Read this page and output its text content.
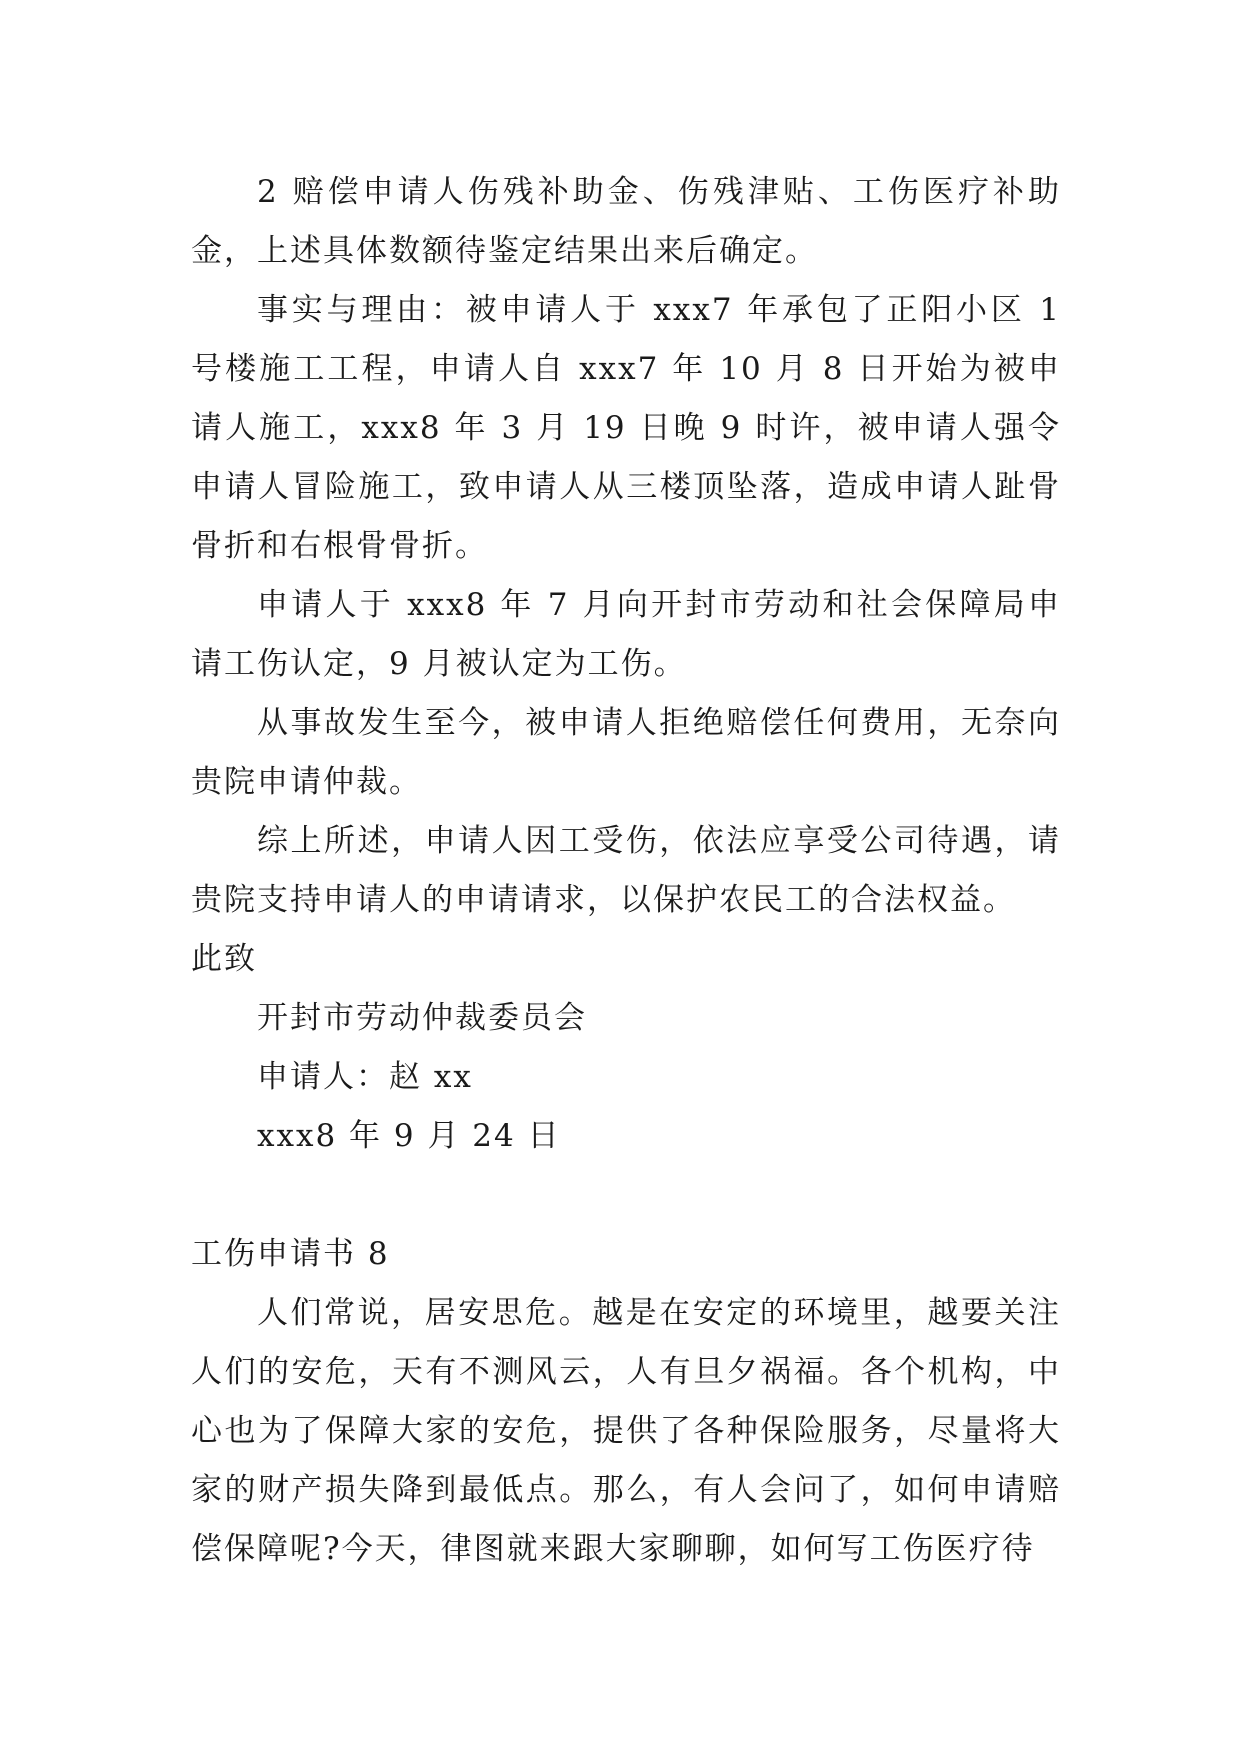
2 赔偿申请人伤残补助金、伤残津贴、工伤医疗补助金，上述具体数额待鉴定结果出来后确定。

事实与理由：被申请人于 xxx7 年承包了正阳小区 1 号楼施工工程，申请人自 xxx7 年 10 月 8 日开始为被申请人施工，xxx8 年 3 月 19 日晚 9 时许，被申请人强令申请人冒险施工，致申请人从三楼顶坠落，造成申请人趾骨骨折和右根骨骨折。

申请人于 xxx8 年 7 月向开封市劳动和社会保障局申请工伤认定，9 月被认定为工伤。

从事故发生至今，被申请人拒绝赔偿任何费用，无奈向贵院申请仲裁。

综上所述，申请人因工受伤，依法应享受公司待遇，请贵院支持申请人的申请请求，以保护农民工的合法权益。

此致

开封市劳动仲裁委员会

申请人：赵 xx

xxx8 年 9 月 24 日

工伤申请书 8

人们常说，居安思危。越是在安定的环境里，越要关注人们的安危，天有不测风云，人有旦夕祸福。各个机构，中心也为了保障大家的安危，提供了各种保险服务，尽量将大家的财产损失降到最低点。那么，有人会问了，如何申请赔偿保障呢?今天，律图就来跟大家聊聊，如何写工伤医疗待
